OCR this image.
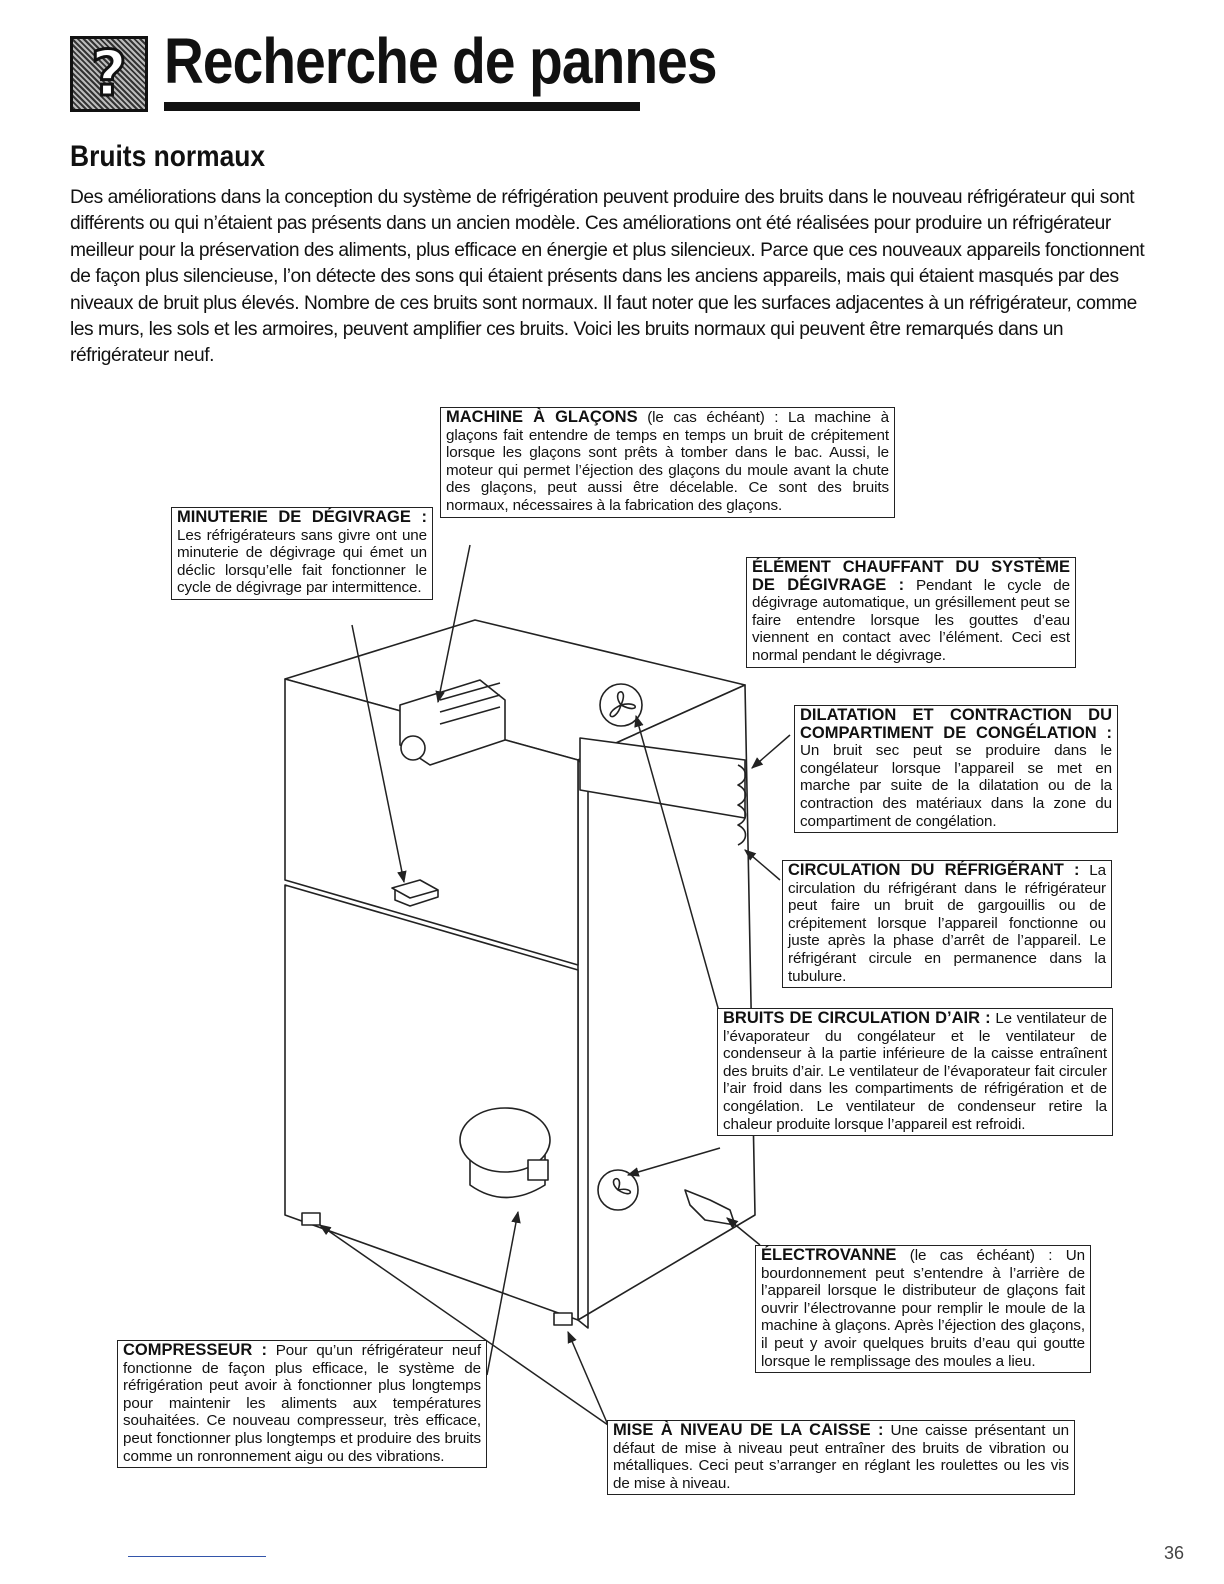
? Recherche de pannes
Bruits normaux

Des améliorations dans la conception du système de réfrigération peuvent produire des bruits dans le nouveau réfrigérateur qui sont différents ou qui n’étaient pas présents dans un ancien modèle. Ces améliorations ont été réalisées pour produire un réfrigérateur meilleur pour la préservation des aliments, plus efficace en énergie et plus silencieux. Parce que ces nouveaux appareils fonctionnent de façon plus silencieuse, l’on détecte des sons qui étaient présents dans les anciens appareils, mais qui étaient masqués par des niveaux de bruit plus élevés. Nombre de ces bruits sont normaux. Il faut noter que les surfaces adjacentes à un réfrigérateur, comme les murs, les sols et les armoires, peuvent amplifier ces bruits. Voici les bruits normaux qui peuvent être remarqués dans un réfrigérateur neuf.

MACHINE À GLAÇONS (le cas échéant) : La machine à glaçons fait entendre de temps en temps un bruit de crépitement lorsque les glaçons sont prêts à tomber dans le bac. Aussi, le moteur qui permet l’éjection des glaçons du moule avant la chute des glaçons, peut aussi être décelable. Ce sont des bruits normaux, nécessaires à la fabrication des glaçons.
MINUTERIE DE DÉGIVRAGE : Les réfrigérateurs sans givre ont une minuterie de dégivrage qui émet un déclic lorsqu’elle fait fonctionner le cycle de dégivrage par intermittence.
ÉLÉMENT CHAUFFANT DU SYSTÈME DE DÉGIVRAGE : Pendant le cycle de dégivrage automatique, un grésillement peut se faire entendre lorsque les gouttes d’eau viennent en contact avec l’élément. Ceci est normal pendant le dégivrage.
DILATATION ET CONTRACTION DU COMPARTIMENT DE CONGÉLATION : Un bruit sec peut se produire dans le congélateur lorsque l’appareil se met en marche par suite de la dilatation ou de la contraction des matériaux dans la zone du compartiment de congélation.
CIRCULATION DU RÉFRIGÉRANT : La circulation du réfrigérant dans le réfrigérateur peut faire un bruit de gargouillis ou de crépitement lorsque l’appareil fonctionne ou juste après la phase d’arrêt de l’appareil. Le réfrigérant circule en permanence dans la tubulure.
BRUITS DE CIRCULATION D’AIR : Le ventilateur de l’évaporateur du congélateur et le ventilateur de condenseur à la partie inférieure de la caisse entraînent des bruits d’air. Le ventilateur de l’évaporateur fait circuler l’air froid dans les compartiments de réfrigération et de congélation. Le ventilateur de condenseur retire la chaleur produite lorsque l’appareil est refroidi.
ÉLECTROVANNE (le cas échéant) : Un bourdonnement peut s’entendre à l’arrière de l’appareil lorsque le distributeur de glaçons fait ouvrir l’électrovanne pour remplir le moule de la machine à glaçons. Après l’éjection des glaçons, il peut y avoir quelques bruits d’eau qui goutte lorsque le remplissage des moules a lieu.
COMPRESSEUR : Pour qu’un réfrigérateur neuf fonctionne de façon plus efficace, le système de réfrigération peut avoir à fonctionner plus longtemps pour maintenir les aliments aux températures souhaitées. Ce nouveau compresseur, très efficace, peut fonctionner plus longtemps et produire des bruits comme un ronronnement aigu ou des vibrations.
MISE À NIVEAU DE LA CAISSE : Une caisse présentant un défaut de mise à niveau peut entraîner des bruits de vibration ou métalliques. Ceci peut s’arranger en réglant les roulettes ou les vis de mise à niveau.
36
